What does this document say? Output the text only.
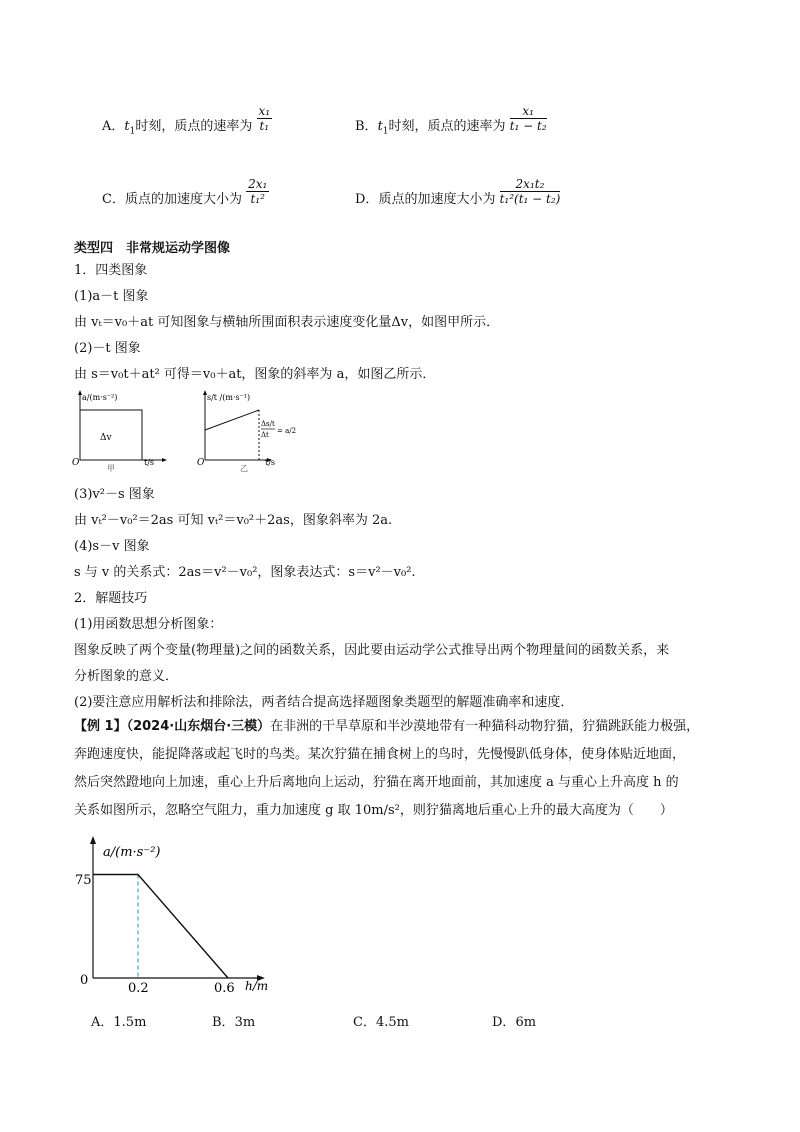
A．$t_1$时刻，质点的速率为 $\frac{\text{x₁}}{\text{t₁}}$	B．$t_1$时刻，质点的速率为 $\frac{\text{x₁}}{\text{t₁ − t₂}}$
C．质点的加速度大小为 $\frac{\text{2x₁}}{\text{t₁²}}$	D．质点的加速度大小为 $\frac{\text{2x₁t₂}}{\text{t₁²(t₁ − t₂)}}$
类型四　非常规运动学图像
1．四类图象
(1)a－t 图象
由 vₜ＝v₀＋at 可知图象与横轴所围面积表示速度变化量Δv，如图甲所示．
(2)－t 图象
由 s＝v₀t＋at² 可得＝v₀＋at，图象的斜率为 a，如图乙所示．
a/(m·s⁻²)
Δv
O	t/s
甲
s/t /(m·s⁻¹)
Δs/t
Δt = a/2
O	t/s
乙
(3)v²－s 图象
由 vₜ²－v₀²＝2as 可知 vₜ²＝v₀²＋2as，图象斜率为 2a.
(4)s－v 图象
s 与 v 的关系式：2as＝v²－v₀²，图象表达式：s＝v²－v₀².
2．解题技巧
(1)用函数思想分析图象：
图象反映了两个变量(物理量)之间的函数关系，因此要由运动学公式推导出两个物理量间的函数关系，来
分析图象的意义．
(2)要注意应用解析法和排除法，两者结合提高选择题图象类题型的解题准确率和速度．
【例 1】（2024·山东烟台·三模）在非洲的干旱草原和半沙漠地带有一种猫科动物狞猫，狞猫跳跃能力极强，
奔跑速度快，能捉降落或起飞时的鸟类。某次狞猫在捕食树上的鸟时，先慢慢趴低身体，使身体贴近地面，
然后突然蹬地向上加速，重心上升后离地向上运动，狞猫在离开地面前，其加速度 a 与重心上升高度 h 的
关系如图所示，忽略空气阻力，重力加速度 g 取 10m/s²，则狞猫离地后重心上升的最大高度为（　　）
a/(m·s⁻²)
h/m
75
0
0.2	0.6
A．1.5m	B．3m	C．4.5m	D．6m
